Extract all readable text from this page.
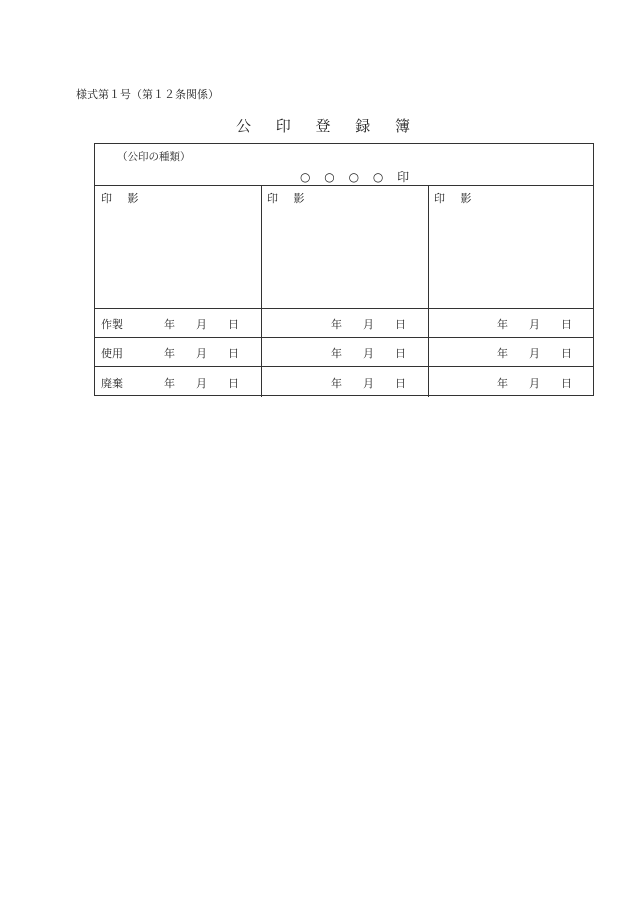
様式第１号（第１２条関係）
公 印 登 録 簿
（公印の種類）
○ ○ ○ ○ 印
印 影	印 影	印 影
作製	年 月 日	年 月 日	年 月 日
使用	年 月 日	年 月 日	年 月 日
廃棄	年 月 日	年 月 日	年 月 日
